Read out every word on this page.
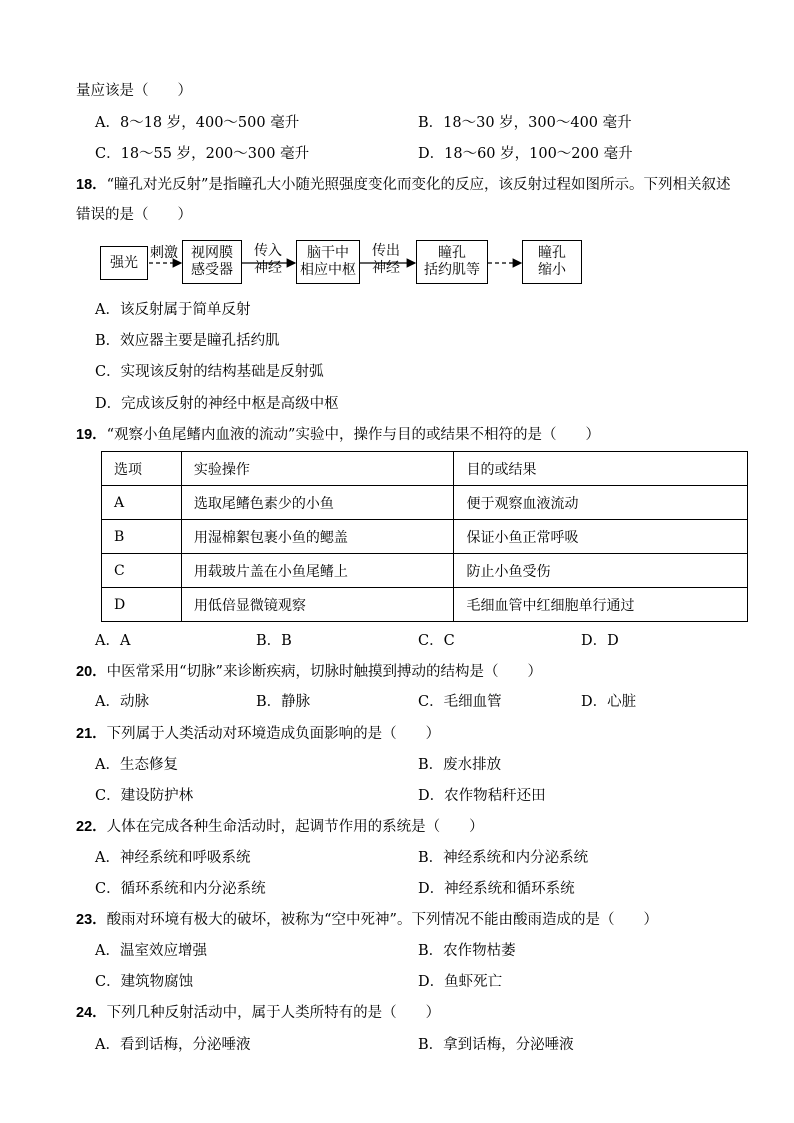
量应该是（　　）
A．8～18 岁，400～500 毫升	B．18～30 岁，300～400 毫升
C．18～55 岁，200～300 毫升	D．18～60 岁，100～200 毫升
18．“瞳孔对光反射”是指瞳孔大小随光照强度变化而变化的反应，该反射过程如图所示。下列相关叙述
错误的是（　　）
强光
刺激 视网膜
感受器
传入
神经
脑干中
相应中枢
传出
神经
瞳孔
括约肌等
瞳孔
缩小
A．该反射属于简单反射
B．效应器主要是瞳孔括约肌
C．实现该反射的结构基础是反射弧
D．完成该反射的神经中枢是高级中枢
19．“观察小鱼尾鳍内血液的流动”实验中，操作与目的或结果不相符的是（　　）
选项	实验操作	目的或结果
A	选取尾鳍色素少的小鱼	便于观察血液流动
B	用湿棉絮包裹小鱼的鳃盖	保证小鱼正常呼吸
C	用载玻片盖在小鱼尾鳍上	防止小鱼受伤
D	用低倍显微镜观察	毛细血管中红细胞单行通过
A．A	B．B	C．C	D．D
20．中医常采用“切脉”来诊断疾病，切脉时触摸到搏动的结构是（　　）
A．动脉	B．静脉	C．毛细血管	D．心脏
21．下列属于人类活动对环境造成负面影响的是（　　）
A．生态修复	B．废水排放
C．建设防护林	D．农作物秸秆还田
22．人体在完成各种生命活动时，起调节作用的系统是（　　）
A．神经系统和呼吸系统	B．神经系统和内分泌系统
C．循环系统和内分泌系统	D．神经系统和循环系统
23．酸雨对环境有极大的破坏，被称为“空中死神”。下列情况不能由酸雨造成的是（　　）
A．温室效应增强	B．农作物枯萎
C．建筑物腐蚀	D．鱼虾死亡
24．下列几种反射活动中，属于人类所特有的是（　　）
A．看到话梅，分泌唾液	B．拿到话梅，分泌唾液
